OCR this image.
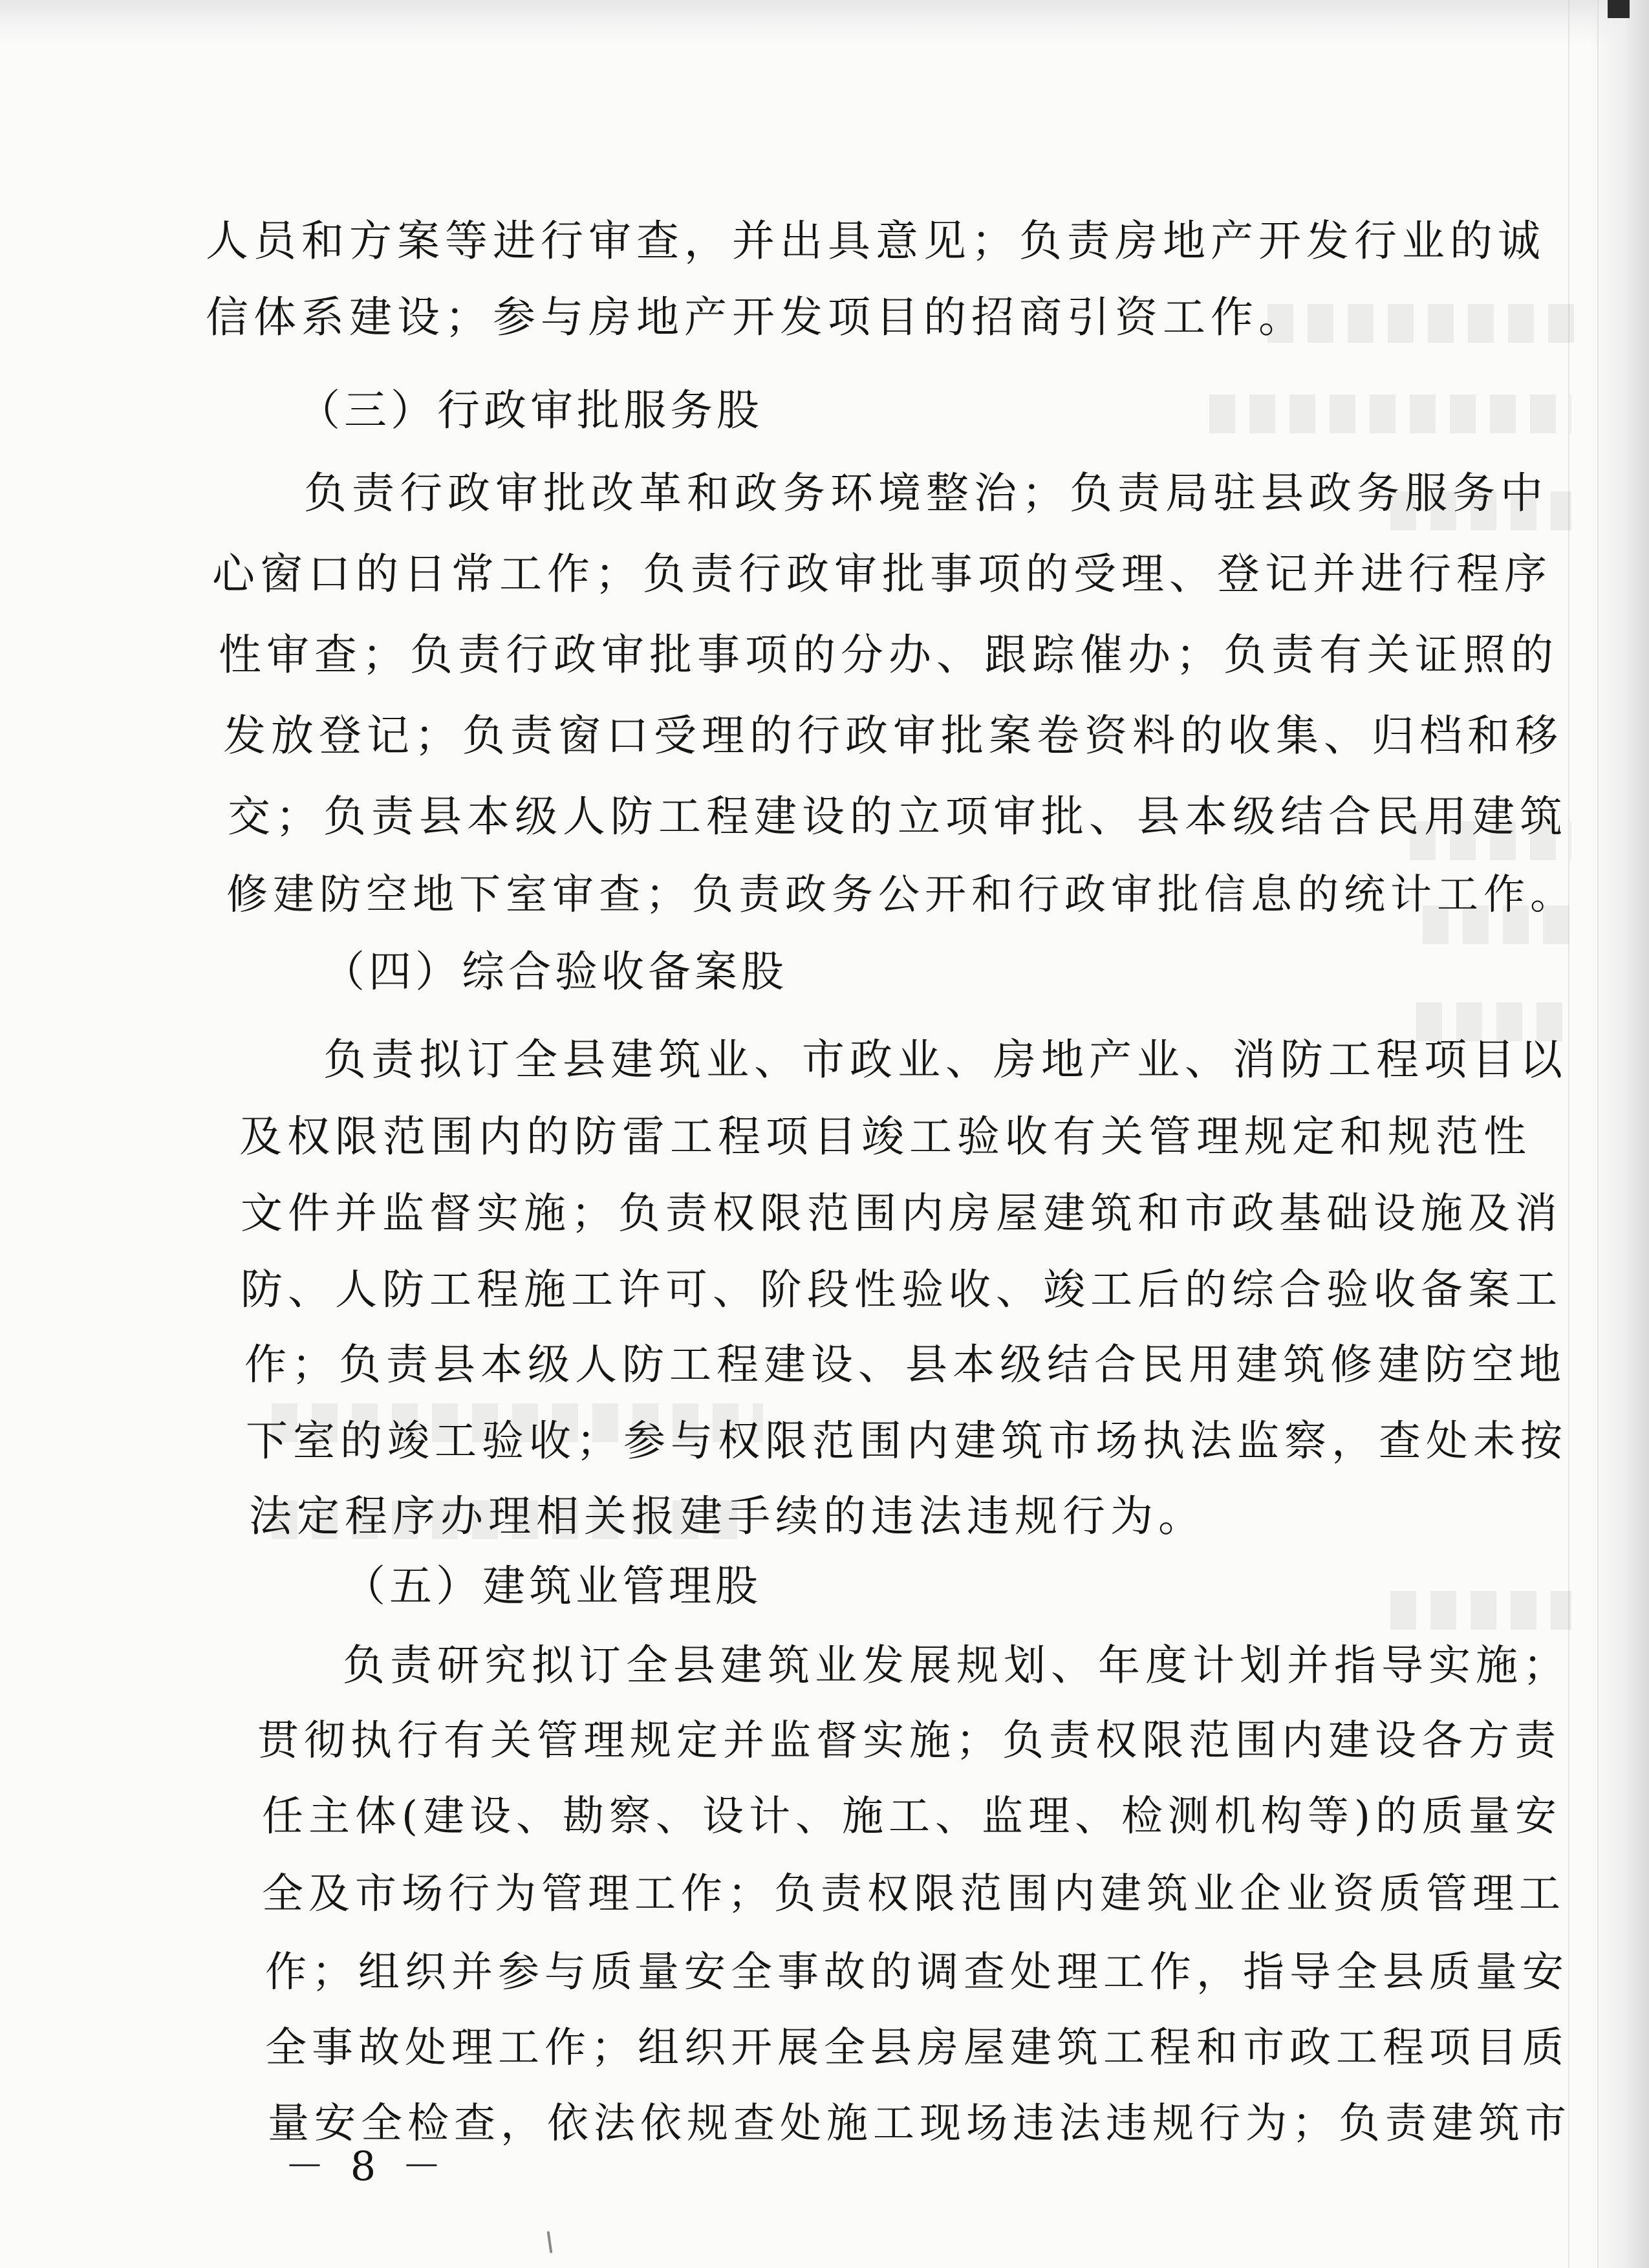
人员和方案等进行审查，并出具意见；负责房地产开发行业的诚
信体系建设；参与房地产开发项目的招商引资工作。
（三）行政审批服务股
负责行政审批改革和政务环境整治；负责局驻县政务服务中
心窗口的日常工作；负责行政审批事项的受理、登记并进行程序
性审查；负责行政审批事项的分办、跟踪催办；负责有关证照的
发放登记；负责窗口受理的行政审批案卷资料的收集、归档和移
交；负责县本级人防工程建设的立项审批、县本级结合民用建筑
修建防空地下室审查；负责政务公开和行政审批信息的统计工作。
（四）综合验收备案股
负责拟订全县建筑业、市政业、房地产业、消防工程项目以
及权限范围内的防雷工程项目竣工验收有关管理规定和规范性
文件并监督实施；负责权限范围内房屋建筑和市政基础设施及消
防、人防工程施工许可、阶段性验收、竣工后的综合验收备案工
作；负责县本级人防工程建设、县本级结合民用建筑修建防空地
下室的竣工验收；参与权限范围内建筑市场执法监察，查处未按
法定程序办理相关报建手续的违法违规行为。
（五）建筑业管理股
负责研究拟订全县建筑业发展规划、年度计划并指导实施；
贯彻执行有关管理规定并监督实施；负责权限范围内建设各方责
任主体(建设、勘察、设计、施工、监理、检测机构等)的质量安
全及市场行为管理工作；负责权限范围内建筑业企业资质管理工
作；组织并参与质量安全事故的调查处理工作，指导全县质量安
全事故处理工作；组织开展全县房屋建筑工程和市政工程项目质
量安全检查，依法依规查处施工现场违法违规行为；负责建筑市
－ 8 －
